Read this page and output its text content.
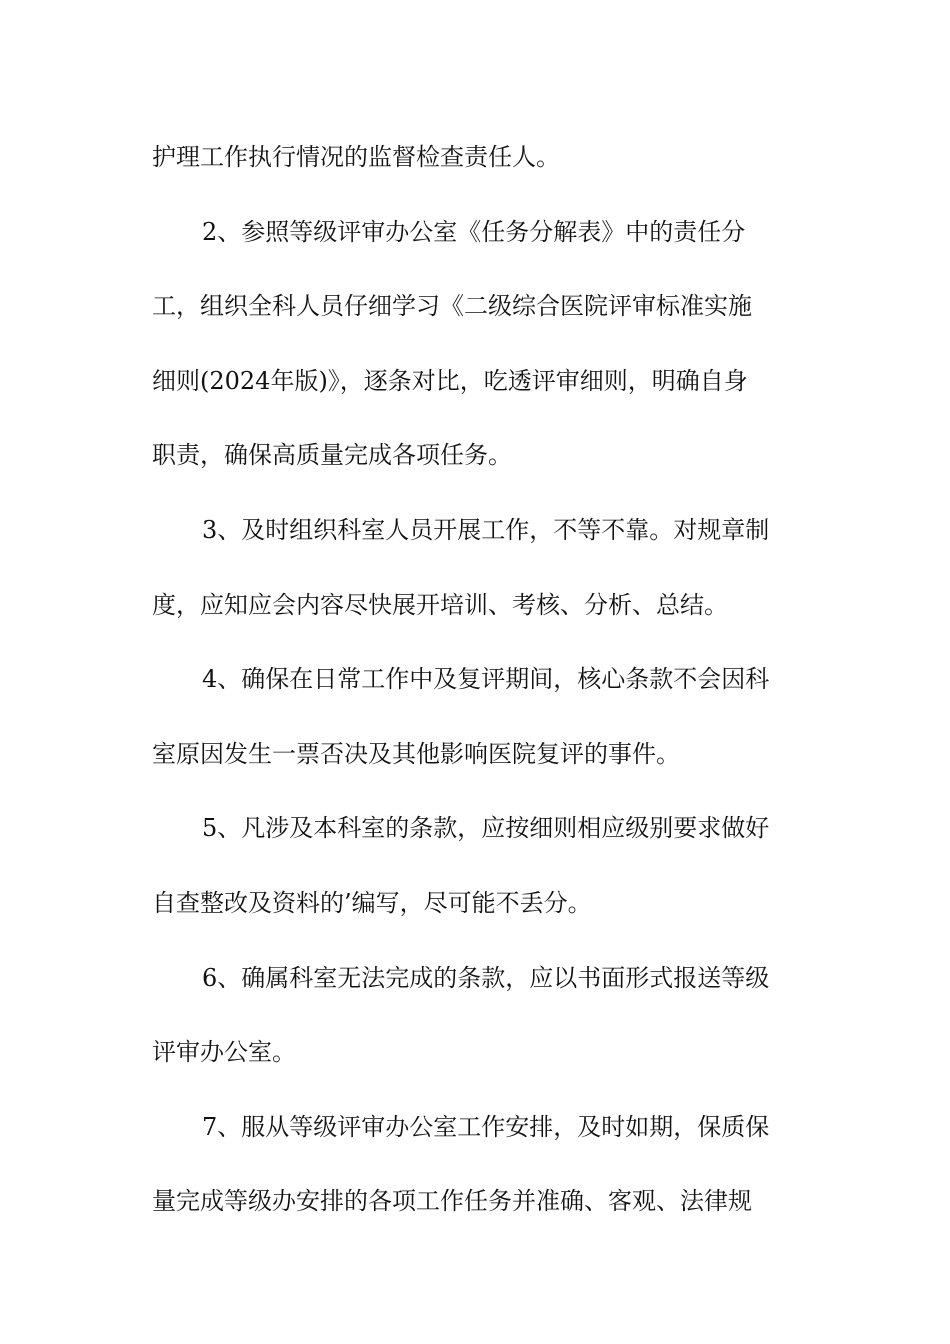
护理工作执行情况的监督检查责任人。
2、参照等级评审办公室《任务分解表》中的责任分
工，组织全科人员仔细学习《二级综合医院评审标准实施
细则(2024年版)》，逐条对比，吃透评审细则，明确自身
职责，确保高质量完成各项任务。
3、及时组织科室人员开展工作，不等不靠。对规章制
度，应知应会内容尽快展开培训、考核、分析、总结。
4、确保在日常工作中及复评期间，核心条款不会因科
室原因发生一票否决及其他影响医院复评的事件。
5、凡涉及本科室的条款，应按细则相应级别要求做好
自查整改及资料的’编写，尽可能不丢分。
6、确属科室无法完成的条款，应以书面形式报送等级
评审办公室。
7、服从等级评审办公室工作安排，及时如期，保质保
量完成等级办安排的各项工作任务并准确、客观、法律规
